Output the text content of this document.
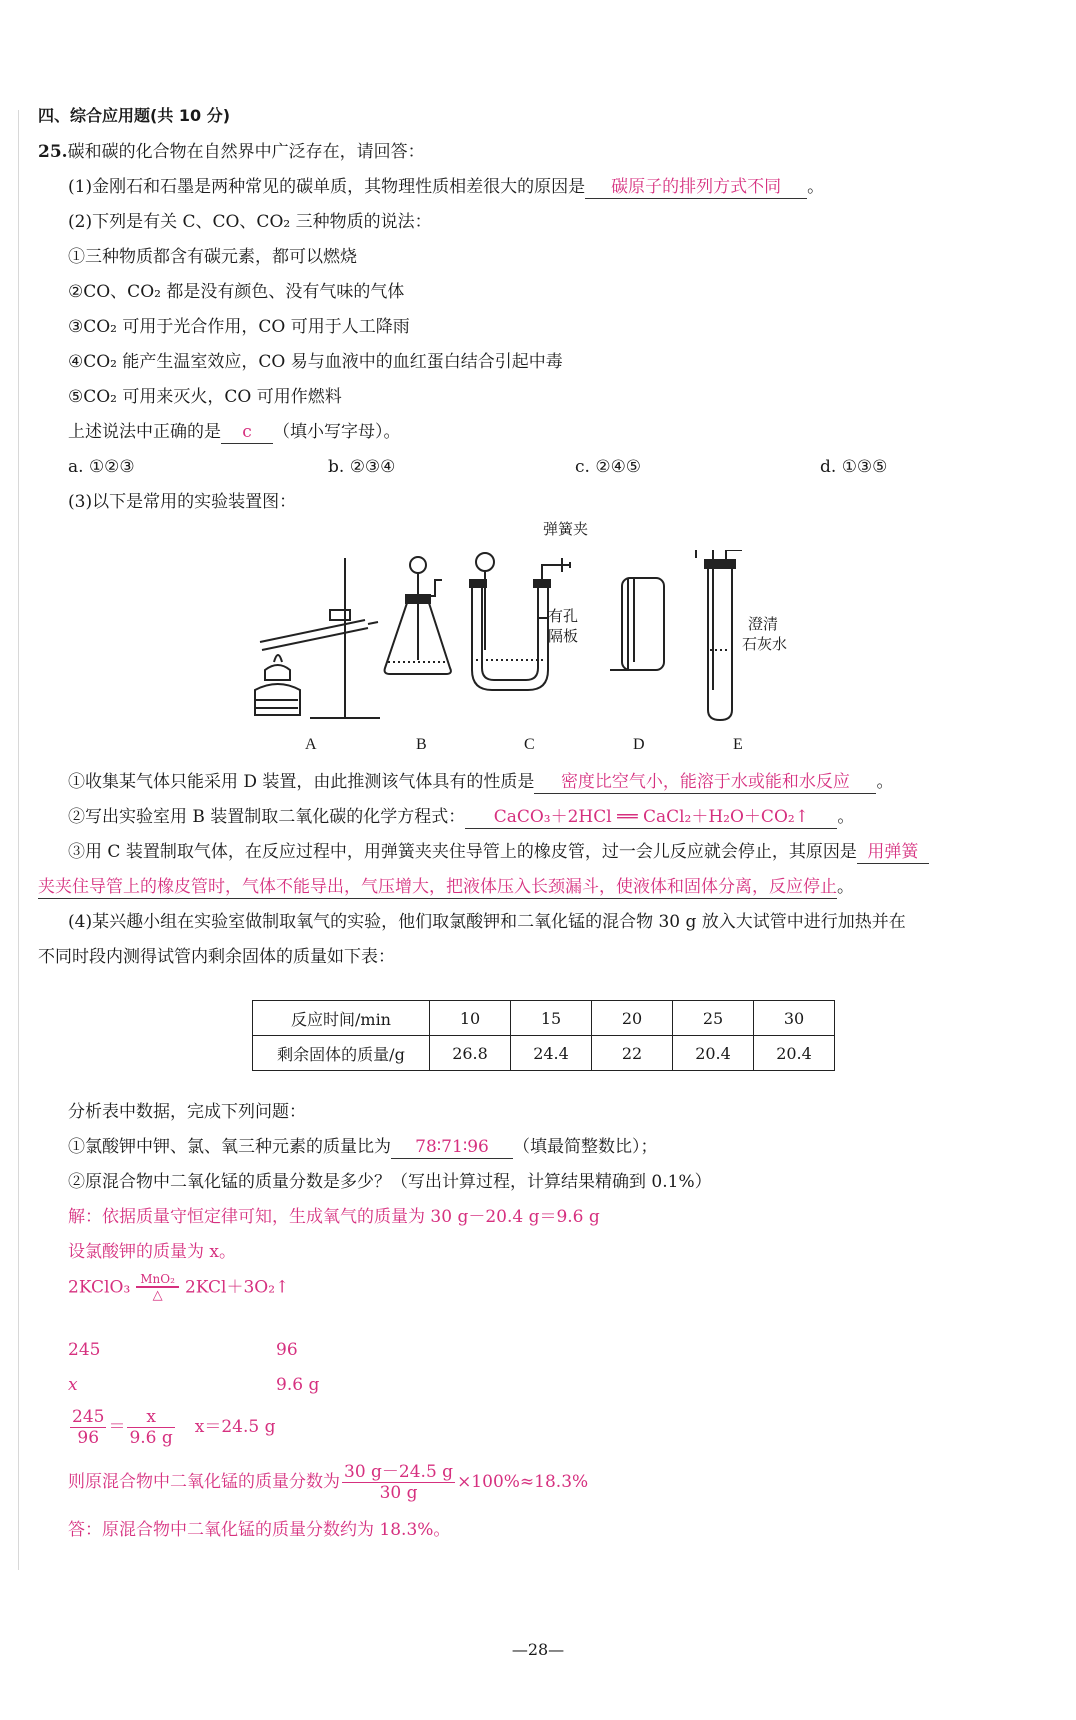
四、综合应用题(共 10 分)
25.碳和碳的化合物在自然界中广泛存在，请回答：
(1)金刚石和石墨是两种常见的碳单质，其物理性质相差很大的原因是 碳原子的排列方式不同 。
(2)下列是有关 C、CO、CO₂ 三种物质的说法：
①三种物质都含有碳元素，都可以燃烧
②CO、CO₂ 都是没有颜色、没有气味的气体
③CO₂ 可用于光合作用，CO 可用于人工降雨
④CO₂ 能产生温室效应，CO 易与血液中的血红蛋白结合引起中毒
⑤CO₂ 可用来灭火，CO 可用作燃料
上述说法中正确的是 c （填小写字母）。
a. ①②③	b. ②③④	c. ②④⑤	d. ①③⑤
(3)以下是常用的实验装置图：
弹簧夹
有孔
隔板
澄清
石灰水
A	B	C	D	E
①收集某气体只能采用 D 装置，由此推测该气体具有的性质是 密度比空气小，能溶于水或能和水反应 。
②写出实验室用 B 装置制取二氧化碳的化学方程式： CaCO₃＋2HCl ══ CaCl₂＋H₂O＋CO₂↑ 。
③用 C 装置制取气体，在反应过程中，用弹簧夹夹住导管上的橡皮管，过一会儿反应就会停止，其原因是 用弹簧
夹夹住导管上的橡皮管时，气体不能导出，气压增大，把液体压入长颈漏斗，使液体和固体分离，反应停止。
(4)某兴趣小组在实验室做制取氧气的实验，他们取氯酸钾和二氧化锰的混合物 30 g 放入大试管中进行加热并在
不同时段内测得试管内剩余固体的质量如下表：
反应时间/min	10	15	20	25	30
剩余固体的质量/g	26.8	24.4	22	20.4	20.4
分析表中数据，完成下列问题：
①氯酸钾中钾、氯、氧三种元素的质量比为 78∶71∶96 （填最简整数比）；
②原混合物中二氧化锰的质量分数是多少？（写出计算过程，计算结果精确到 0.1%）
解：依据质量守恒定律可知，生成氧气的质量为 30 g－20.4 g＝9.6 g
设氯酸钾的质量为 x。
2KClO₃ MnO₂
△	2KCl＋3O₂↑
245	96
x	9.6 g
$\frac{245}{96} = \frac{x}{9.6 g} x=24.5$ g
则原混合物中二氧化锰的质量分数为 $\frac{30 g-24.5 g}{30 g} \times 100\%\approx 18.3\%$
答：原混合物中二氧化锰的质量分数约为 18.3%。
—28—
